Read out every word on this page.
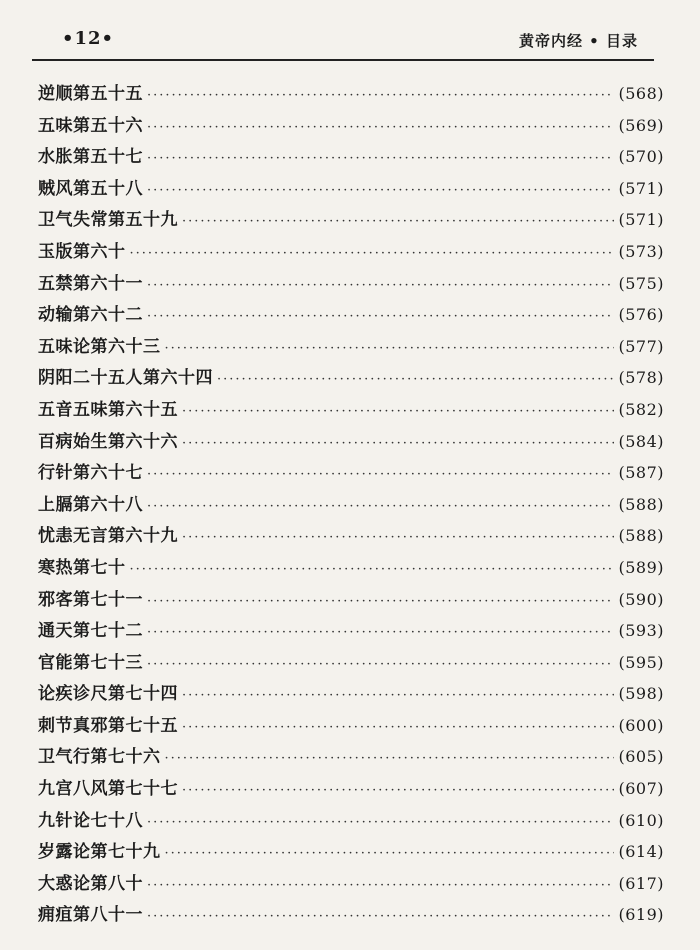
•12•	黄帝内经 • 目录
逆顺第五十五 ·····	(568)
五味第五十六 ·····	(569)
水胀第五十七 ·····	(570)
贼风第五十八 ·····	(571)
卫气失常第五十九 ·····	(571)
玉版第六十 ·····	(573)
五禁第六十一 ·····	(575)
动输第六十二 ·····	(576)
五味论第六十三 ·····	(577)
阴阳二十五人第六十四 ·····	(578)
五音五味第六十五 ·····	(582)
百病始生第六十六 ·····	(584)
行针第六十七 ·····	(587)
上膈第六十八 ·····	(588)
忧恚无言第六十九 ·····	(588)
寒热第七十 ·····	(589)
邪客第七十一 ·····	(590)
通天第七十二 ·····	(593)
官能第七十三 ·····	(595)
论疾诊尺第七十四 ·····	(598)
刺节真邪第七十五 ·····	(600)
卫气行第七十六 ·····	(605)
九宫八风第七十七 ·····	(607)
九针论七十八 ·····	(610)
岁露论第七十九 ·····	(614)
大惑论第八十 ·····	(617)
痈疽第八十一 ·····	(619)
